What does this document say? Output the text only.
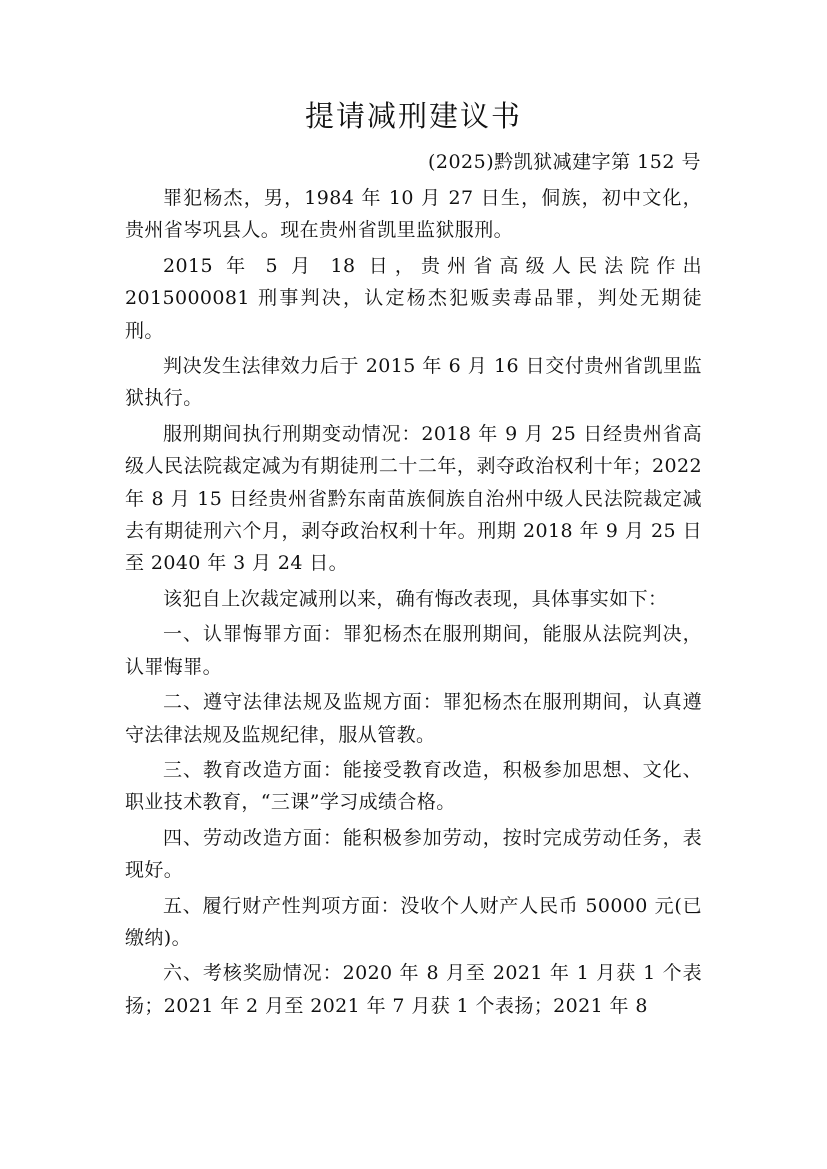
提请减刑建议书
(2025)黔凯狱减建字第 152 号

罪犯杨杰，男，1984 年 10 月 27 日生，侗族，初中文化，贵州省岑巩县人。现在贵州省凯里监狱服刑。

2015 年 5 月 18 日，贵州省高级人民法院作出 2015000081 刑事判决，认定杨杰犯贩卖毒品罪，判处无期徒刑。

判决发生法律效力后于 2015 年 6 月 16 日交付贵州省凯里监狱执行。

服刑期间执行刑期变动情况：2018 年 9 月 25 日经贵州省高级人民法院裁定减为有期徒刑二十二年，剥夺政治权利十年；2022 年 8 月 15 日经贵州省黔东南苗族侗族自治州中级人民法院裁定减去有期徒刑六个月，剥夺政治权利十年。刑期 2018 年 9 月 25 日至 2040 年 3 月 24 日。

该犯自上次裁定减刑以来，确有悔改表现，具体事实如下：

一、认罪悔罪方面：罪犯杨杰在服刑期间，能服从法院判决，认罪悔罪。

二、遵守法律法规及监规方面：罪犯杨杰在服刑期间，认真遵守法律法规及监规纪律，服从管教。

三、教育改造方面：能接受教育改造，积极参加思想、文化、职业技术教育，“三课”学习成绩合格。

四、劳动改造方面：能积极参加劳动，按时完成劳动任务，表现好。

五、履行财产性判项方面：没收个人财产人民币 50000 元(已缴纳)。

六、考核奖励情况：2020 年 8 月至 2021 年 1 月获 1 个表扬；2021 年 2 月至 2021 年 7 月获 1 个表扬；2021 年 8
